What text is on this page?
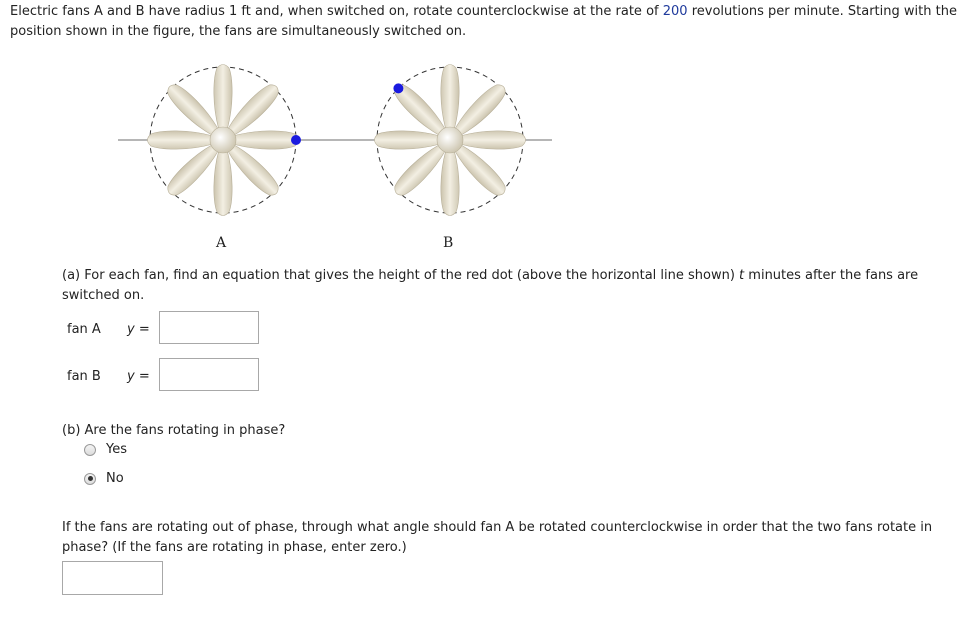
Electric fans A and B have radius 1 ft and, when switched on, rotate counterclockwise at the rate of 200 revolutions per minute. Starting with the position shown in the figure, the fans are simultaneously switched on.
A	B
(a) For each fan, find an equation that gives the height of the red dot (above the horizontal line shown) t minutes after the fans are switched on.
fan A	y =
fan B	y =
(b) Are the fans rotating in phase?
Yes
No
If the fans are rotating out of phase, through what angle should fan A be rotated counterclockwise in order that the two fans rotate in phase? (If the fans are rotating in phase, enter zero.)
